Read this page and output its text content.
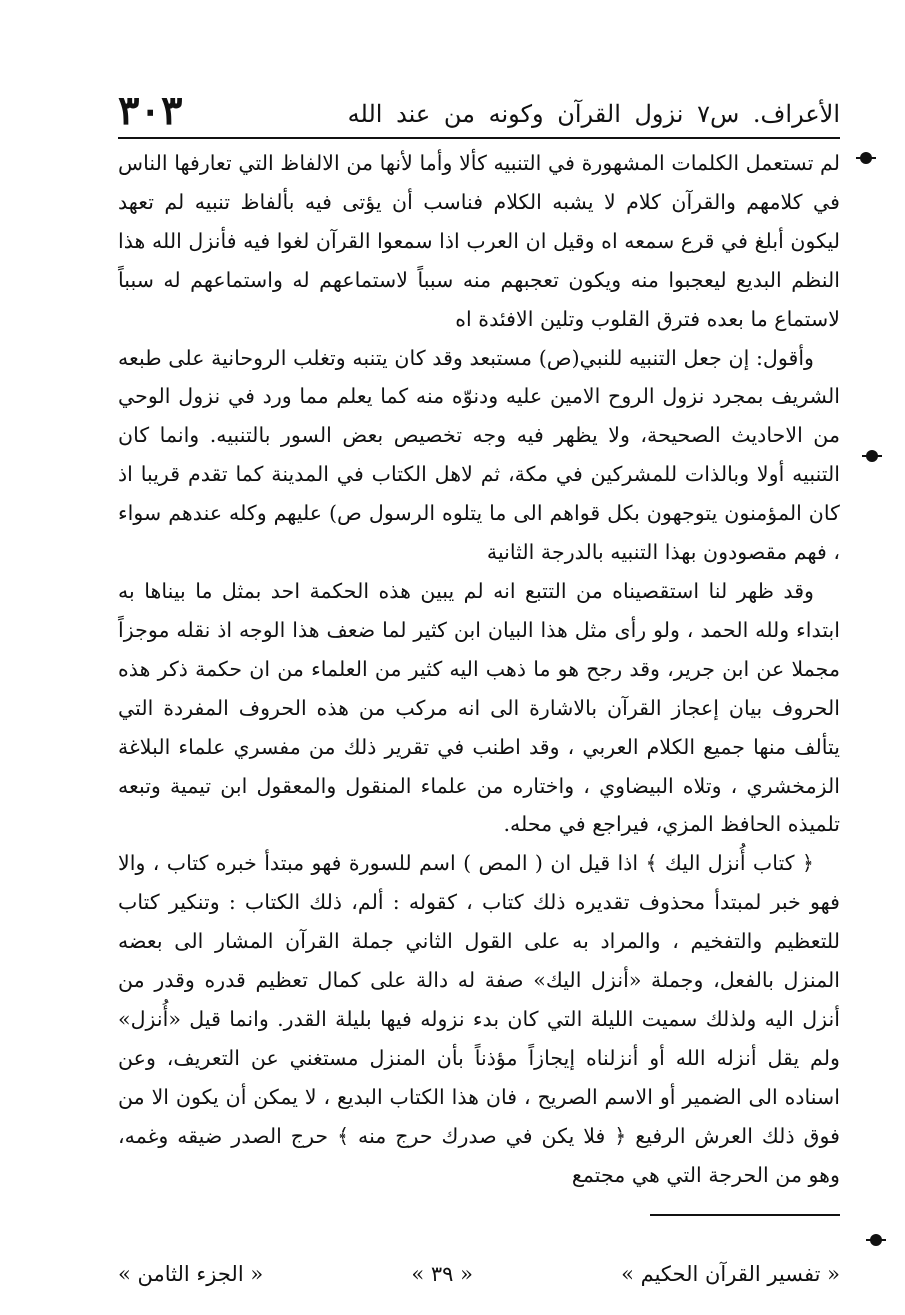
الأعراف. س٧ نزول القرآن وكونه من عند الله
٣٠٣

لم تستعمل الكلمات المشهورة في التنبيه كألا وأما لأنها من الالفاظ التي تعارفها الناس في كلامهم والقرآن كلام لا يشبه الكلام فناسب أن يؤتى فيه بألفاظ تنبيه لم تعهد ليكون أبلغ في قرع سمعه اه وقيل ان العرب اذا سمعوا القرآن لغوا فيه فأنزل الله هذا النظم البديع ليعجبوا منه ويكون تعجبهم منه سبباً لاستماعهم له واستماعهم له سبباً لاستماع ما بعده فترق القلوب وتلين الافئدة اه

وأقول: إن جعل التنبيه للنبي(ص) مستبعد وقد كان يتنبه وتغلب الروحانية على طبعه الشريف بمجرد نزول الروح الامين عليه ودنوّه منه كما يعلم مما ورد في نزول الوحي من الاحاديث الصحيحة، ولا يظهر فيه وجه تخصيص بعض السور بالتنبيه. وانما كان التنبيه أولا وبالذات للمشركين في مكة، ثم لاهل الكتاب في المدينة كما تقدم قريبا اذ كان المؤمنون يتوجهون بكل قواهم الى ما يتلوه الرسول ص) عليهم وكله عندهم سواء ، فهم مقصودون بهذا التنبيه بالدرجة الثانية

وقد ظهر لنا استقصيناه من التتبع انه لم يبين هذه الحكمة احد بمثل ما بيناها به ابتداء ولله الحمد ، ولو رأى مثل هذا البيان ابن كثير لما ضعف هذا الوجه اذ نقله موجزاً مجملا عن ابن جرير، وقد رجح هو ما ذهب اليه كثير من العلماء من ان حكمة ذكر هذه الحروف بيان إعجاز القرآن بالاشارة الى انه مركب من هذه الحروف المفردة التي يتألف منها جميع الكلام العربي ، وقد اطنب في تقرير ذلك من مفسري علماء البلاغة الزمخشري ، وتلاه البيضاوي ، واختاره من علماء المنقول والمعقول ابن تيمية وتبعه تلميذه الحافظ المزي، فيراجع في محله.

﴿ كتاب أُنزل اليك ﴾ اذا قيل ان ( المص ) اسم للسورة فهو مبتدأ خبره كتاب ، والا فهو خبر لمبتدأ محذوف تقديره ذلك كتاب ، كقوله : ألم، ذلك الكتاب : وتنكير كتاب للتعظيم والتفخيم ، والمراد به على القول الثاني جملة القرآن المشار الى بعضه المنزل بالفعل، وجملة «أنزل اليك» صفة له دالة على كمال تعظيم قدره وقدر من أنزل اليه ولذلك سميت الليلة التي كان بدء نزوله فيها بليلة القدر. وانما قيل «أُنزل» ولم يقل أنزله الله أو أنزلناه إيجازاً مؤذناً بأن المنزل مستغني عن التعريف، وعن اسناده الى الضمير أو الاسم الصريح ، فان هذا الكتاب البديع ، لا يمكن أن يكون الا من فوق ذلك العرش الرفيع ﴿ فلا يكن في صدرك حرج منه ﴾ حرج الصدر ضيقه وغمه، وهو من الحرجة التي هي مجتمع

« تفسير القرآن الحكيم »
« ٣٩ »
« الجزء الثامن »
